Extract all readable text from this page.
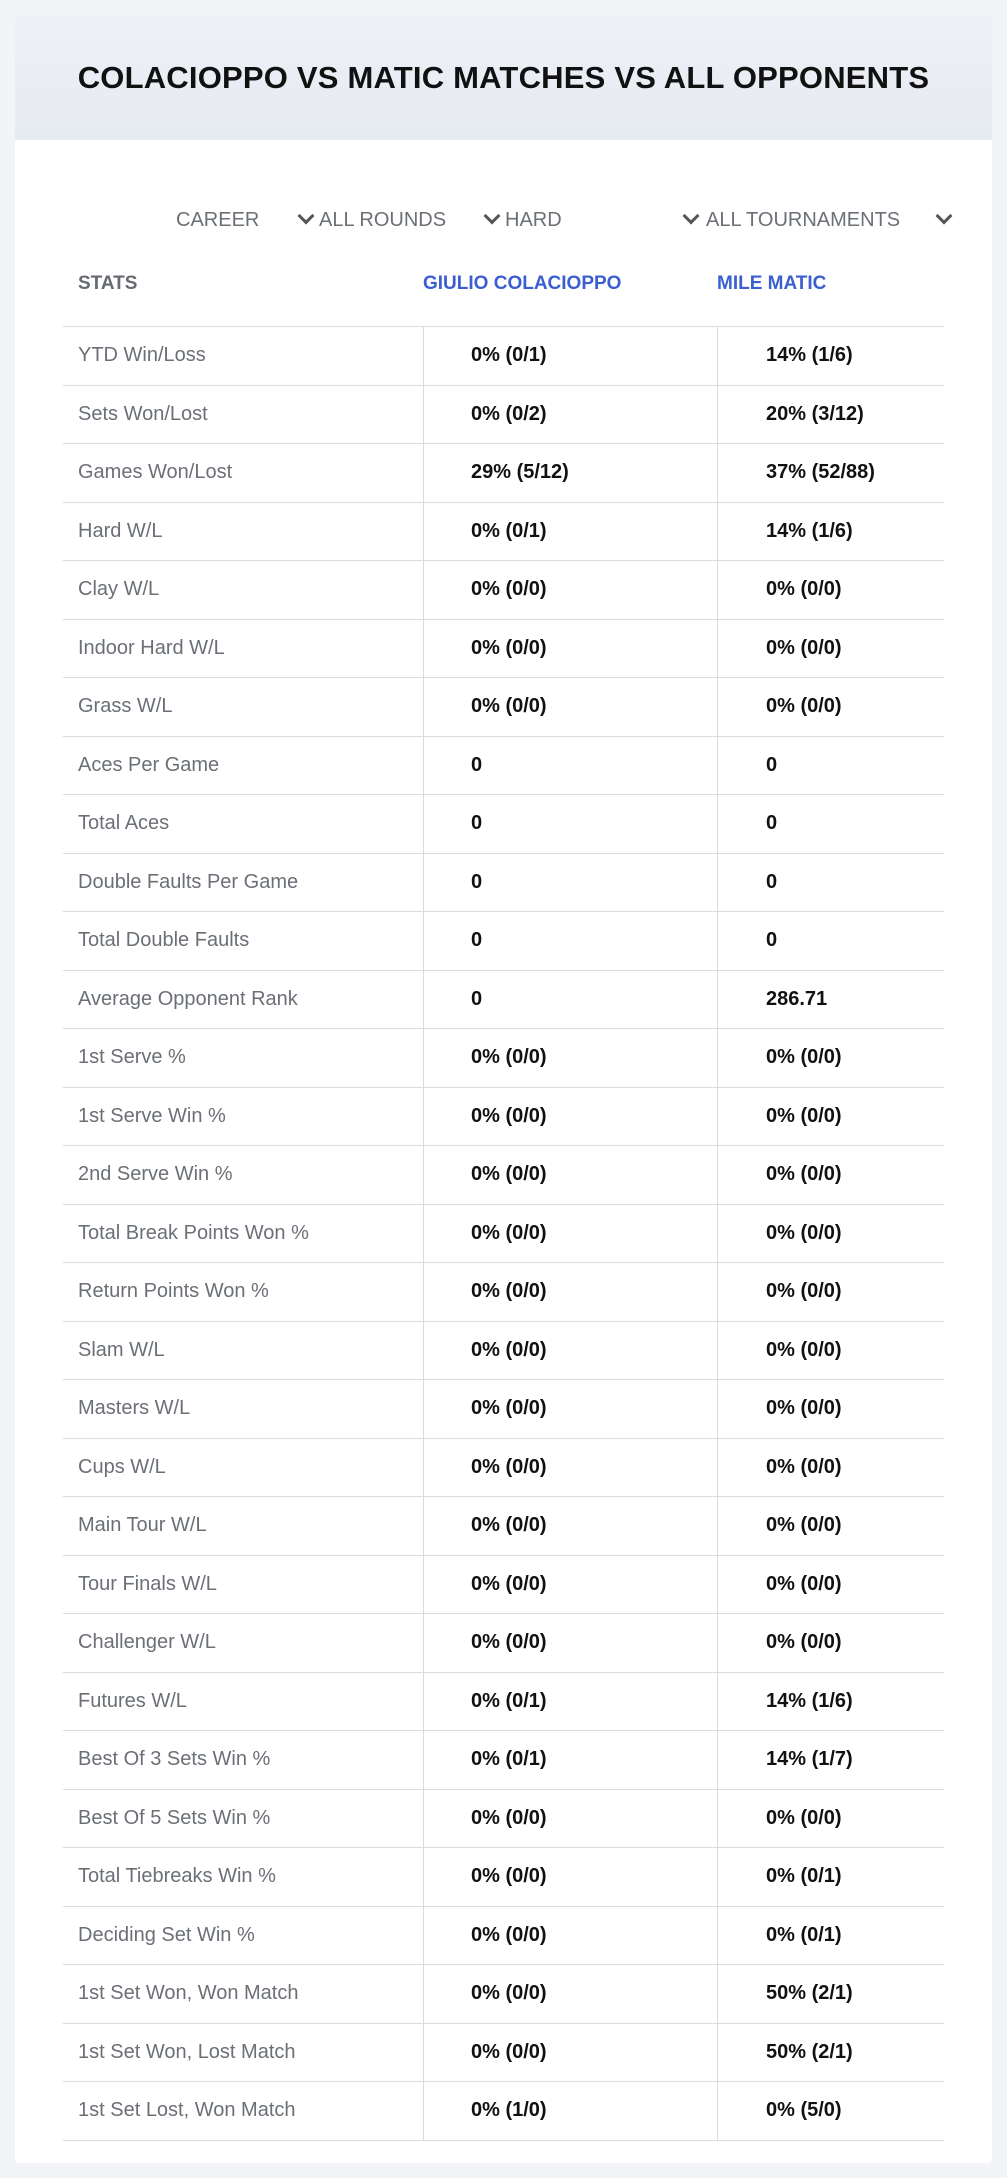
COLACIOPPO VS MATIC MATCHES VS ALL OPPONENTS
CAREER	ALL ROUNDS	HARD	ALL TOURNAMENTS
STATS	GIULIO COLACIOPPO	MILE MATIC
YTD Win/Loss	0% (0/1)	14% (1/6)
Sets Won/Lost	0% (0/2)	20% (3/12)
Games Won/Lost	29% (5/12)	37% (52/88)
Hard W/L	0% (0/1)	14% (1/6)
Clay W/L	0% (0/0)	0% (0/0)
Indoor Hard W/L	0% (0/0)	0% (0/0)
Grass W/L	0% (0/0)	0% (0/0)
Aces Per Game	0	0
Total Aces	0	0
Double Faults Per Game	0	0
Total Double Faults	0	0
Average Opponent Rank	0	286.71
1st Serve %	0% (0/0)	0% (0/0)
1st Serve Win %	0% (0/0)	0% (0/0)
2nd Serve Win %	0% (0/0)	0% (0/0)
Total Break Points Won %	0% (0/0)	0% (0/0)
Return Points Won %	0% (0/0)	0% (0/0)
Slam W/L	0% (0/0)	0% (0/0)
Masters W/L	0% (0/0)	0% (0/0)
Cups W/L	0% (0/0)	0% (0/0)
Main Tour W/L	0% (0/0)	0% (0/0)
Tour Finals W/L	0% (0/0)	0% (0/0)
Challenger W/L	0% (0/0)	0% (0/0)
Futures W/L	0% (0/1)	14% (1/6)
Best Of 3 Sets Win %	0% (0/1)	14% (1/7)
Best Of 5 Sets Win %	0% (0/0)	0% (0/0)
Total Tiebreaks Win %	0% (0/0)	0% (0/1)
Deciding Set Win %	0% (0/0)	0% (0/1)
1st Set Won, Won Match	0% (0/0)	50% (2/1)
1st Set Won, Lost Match	0% (0/0)	50% (2/1)
1st Set Lost, Won Match	0% (1/0)	0% (5/0)
